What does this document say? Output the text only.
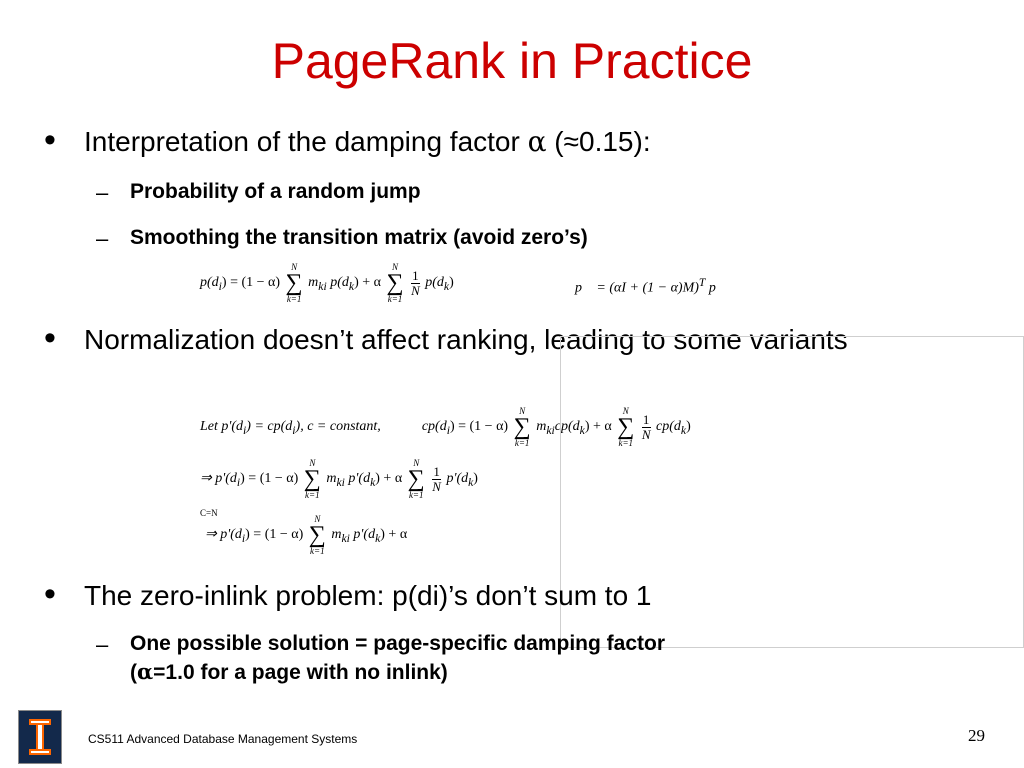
PageRank in Practice
• Interpretation of the damping factor α (≈0.15):
– Probability of a random jump
– Smoothing the transition matrix (avoid zero’s)
$p(d_i) = (1 - \alpha)$ N
∑
k=1 $m_{ki}$ $p(d_k) + \alpha$ N
∑
k=1
$\frac{1}{N} p(d_k)$	p⃗ = $(\alpha I + (1 - \alpha)M)^T$ p⃗
• Normalization doesn’t affect ranking, leading to some variants
Let $p'(d_i) = cp(d_i)$, c = constant,	$cp(d_i) = (1 - \alpha)$ N
∑
k=1 $m_{ki}cp(d_k) + \alpha$ N
∑
k=1
$\frac{1}{N} cp(d_k)$
⇒ $p'(d_i) = (1 - \alpha)$ N
∑
k=1 $m_{ki}$ $p'(d_k) + \alpha$ N
∑
k=1
$\frac{1}{N} p'(d_k)$
C=N
⇒ $p'(d_i) = (1 - \alpha)$ N
∑
k=1 $m_{ki}$ $p'(d_k) + \alpha$
• The zero-inlink problem: p(di)’s don’t sum to 1
– One possible solution = page-specific damping factor
(α=1.0 for a page with no inlink)
CS511 Advanced Database Management Systems	29
